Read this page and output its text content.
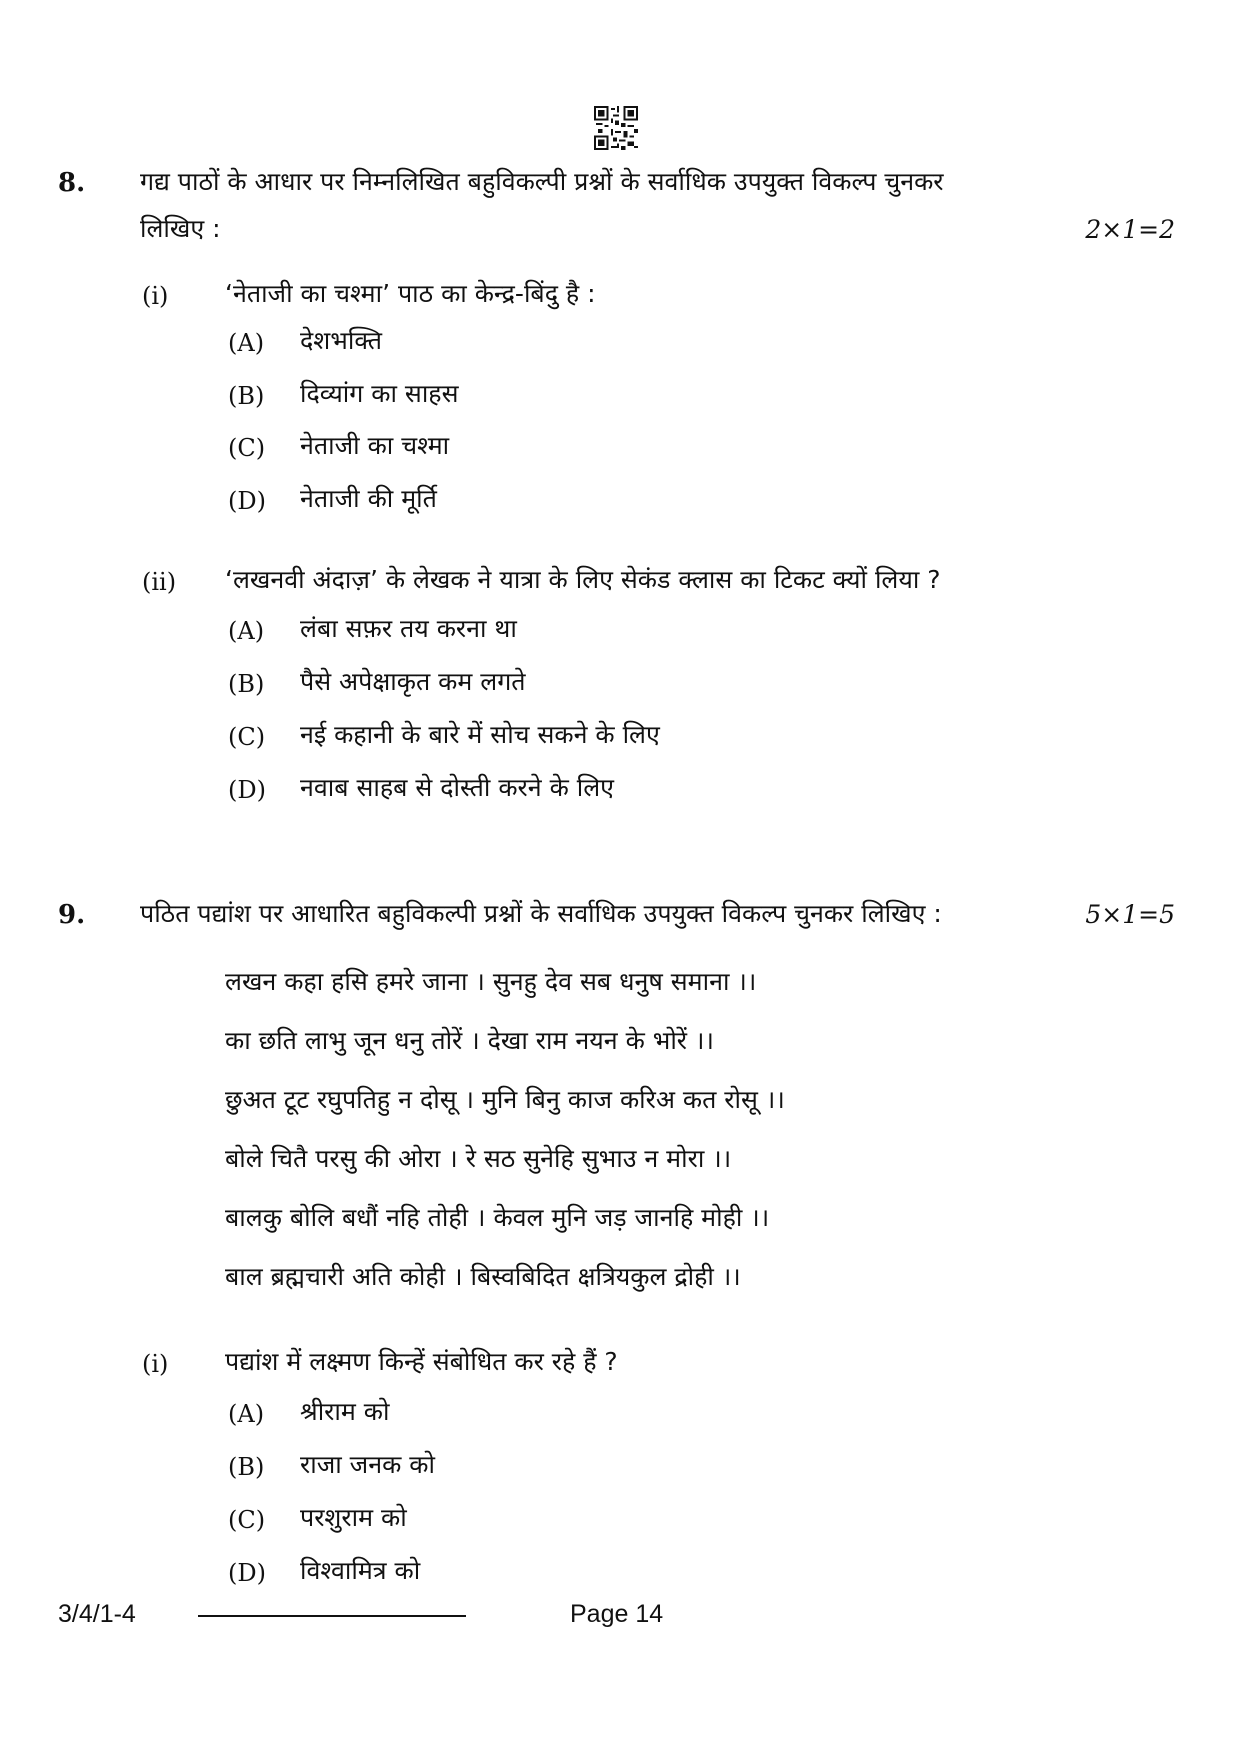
8. गद्य पाठों के आधार पर निम्नलिखित बहुविकल्पी प्रश्नों के सर्वाधिक उपयुक्त विकल्प चुनकर
लिखिए :	2×1=2
(i) ‘नेताजी का चश्मा’ पाठ का केन्द्र-बिंदु है :
(A) देशभक्ति
(B) दिव्यांग का साहस
(C) नेताजी का चश्मा
(D) नेताजी की मूर्ति
(ii) ‘लखनवी अंदाज़’ के लेखक ने यात्रा के लिए सेकंड क्लास का टिकट क्यों लिया ?
(A) लंबा सफ़र तय करना था
(B) पैसे अपेक्षाकृत कम लगते
(C) नई कहानी के बारे में सोच सकने के लिए
(D) नवाब साहब से दोस्ती करने के लिए
9. पठित पद्यांश पर आधारित बहुविकल्पी प्रश्नों के सर्वाधिक उपयुक्त विकल्प चुनकर लिखिए :	5×1=5
लखन कहा हसि हमरे जाना । सुनहु देव सब धनुष समाना ।।
का छति लाभु जून धनु तोरें । देखा राम नयन के भोरें ।।
छुअत टूट रघुपतिहु न दोसू । मुनि बिनु काज करिअ कत रोसू ।।
बोले चितै परसु की ओरा । रे सठ सुनेहि सुभाउ न मोरा ।।
बालकु बोलि बधौं नहि तोही । केवल मुनि जड़ जानहि मोही ।।
बाल ब्रह्मचारी अति कोही । बिस्वबिदित क्षत्रियकुल द्रोही ।।
(i) पद्यांश में लक्ष्मण किन्हें संबोधित कर रहे हैं ?
(A) श्रीराम को
(B) राजा जनक को
(C) परशुराम को
(D) विश्वामित्र को
3/4/1-4	Page 14
